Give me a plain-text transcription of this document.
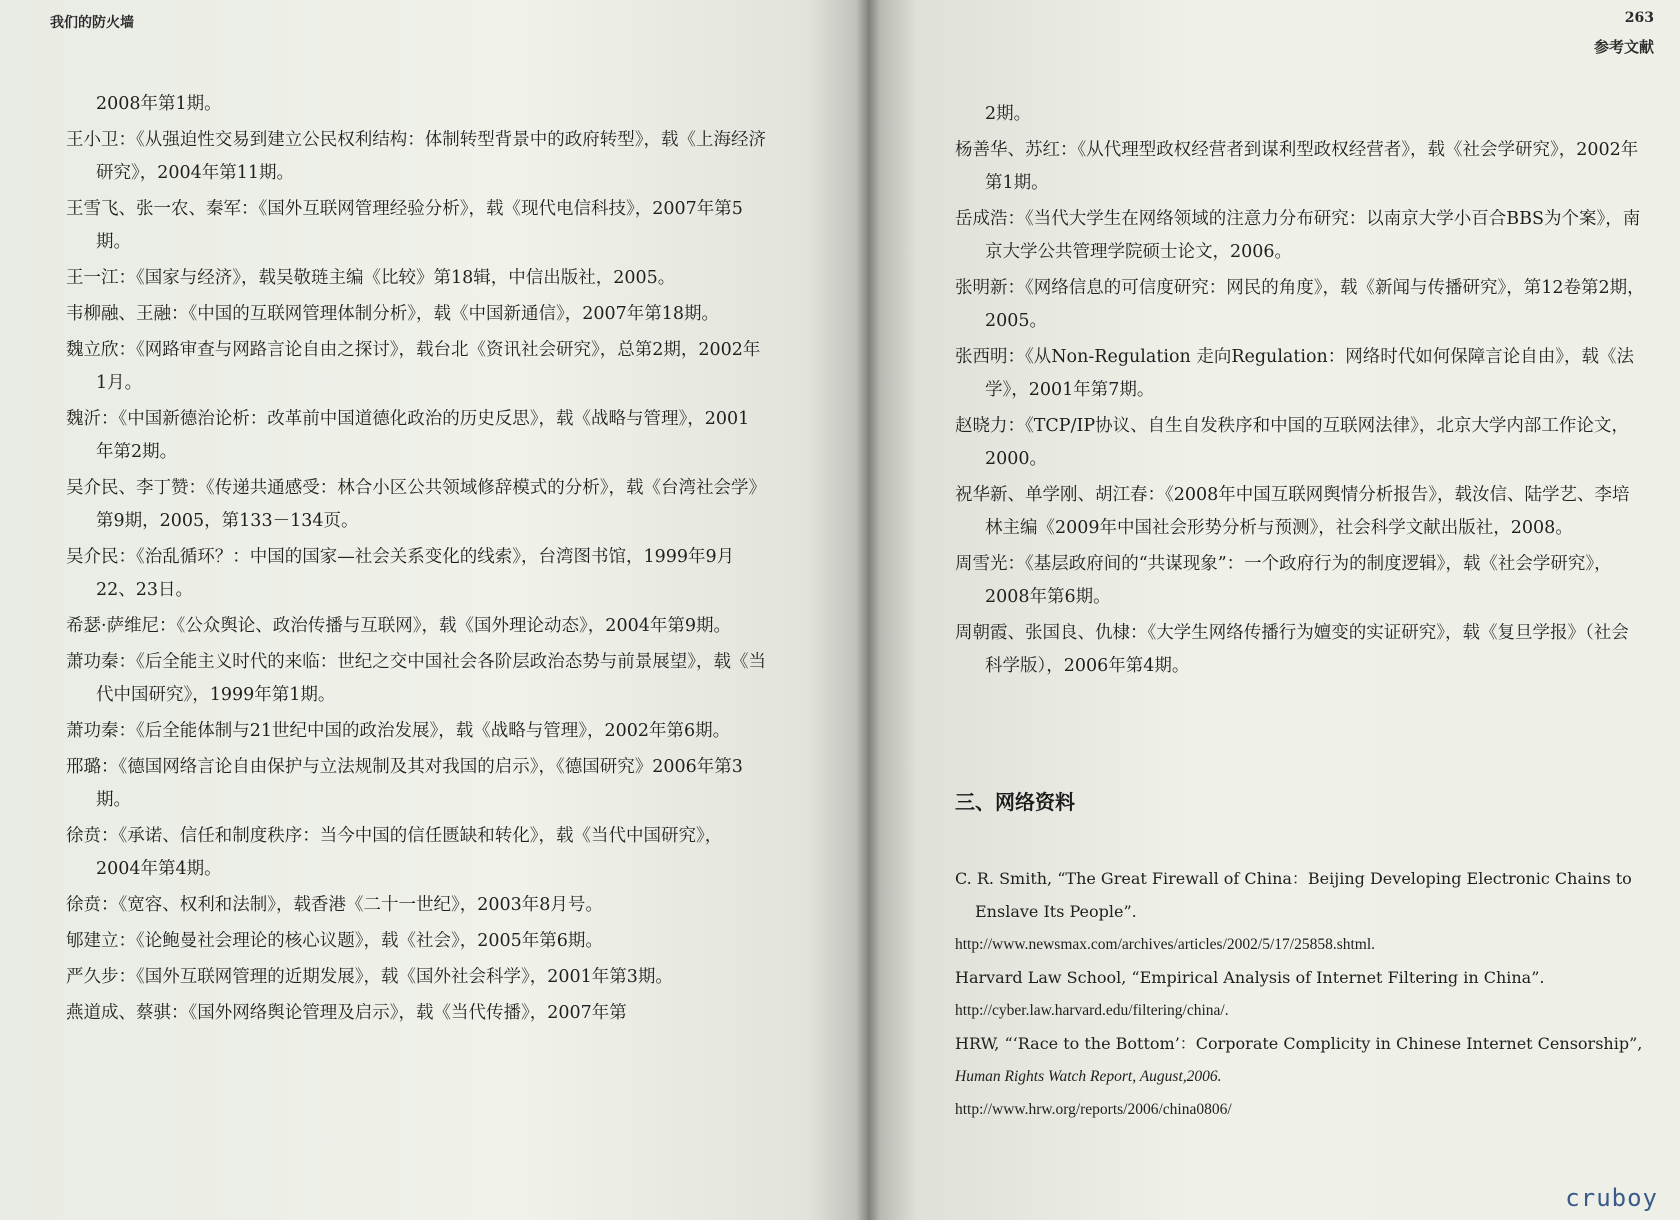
我们的防火墙	263
参考文献
2008年第1期。
王小卫：《从强迫性交易到建立公民权利结构：体制转型背景中的政府转型》，载《上海经济研究》，2004年第11期。
王雪飞、张一农、秦军：《国外互联网管理经验分析》，载《现代电信科技》，2007年第5期。
王一江：《国家与经济》，载吴敬琏主编《比较》第18辑，中信出版社，2005。
韦柳融、王融：《中国的互联网管理体制分析》，载《中国新通信》，2007年第18期。
魏立欣：《网路审查与网路言论自由之探讨》，载台北《资讯社会研究》，总第2期，2002年1月。
魏沂：《中国新德治论析：改革前中国道德化政治的历史反思》，载《战略与管理》，2001年第2期。
吴介民、李丁赞：《传递共通感受：林合小区公共领域修辞模式的分析》，载《台湾社会学》第9期，2005，第133－134页。
吴介民：《治乱循环？：中国的国家—社会关系变化的线索》，台湾图书馆，1999年9月22、23日。
希瑟·萨维尼：《公众舆论、政治传播与互联网》，载《国外理论动态》，2004年第9期。
萧功秦：《后全能主义时代的来临：世纪之交中国社会各阶层政治态势与前景展望》，载《当代中国研究》，1999年第1期。
萧功秦：《后全能体制与21世纪中国的政治发展》，载《战略与管理》，2002年第6期。
邢璐：《德国网络言论自由保护与立法规制及其对我国的启示》，《德国研究》2006年第3期。
徐贲：《承诺、信任和制度秩序：当今中国的信任匮缺和转化》，载《当代中国研究》，2004年第4期。
徐贲：《宽容、权利和法制》，载香港《二十一世纪》，2003年8月号。
郇建立：《论鲍曼社会理论的核心议题》，载《社会》，2005年第6期。
严久步：《国外互联网管理的近期发展》，载《国外社会科学》，2001年第3期。
燕道成、蔡骐：《国外网络舆论管理及启示》，载《当代传播》，2007年第
2期。
杨善华、苏红：《从代理型政权经营者到谋利型政权经营者》，载《社会学研究》，2002年第1期。
岳成浩：《当代大学生在网络领域的注意力分布研究：以南京大学小百合BBS为个案》，南京大学公共管理学院硕士论文，2006。
张明新：《网络信息的可信度研究：网民的角度》，载《新闻与传播研究》，第12卷第2期，2005。
张西明：《从Non-Regulation 走向Regulation：网络时代如何保障言论自由》，载《法学》，2001年第7期。
赵晓力：《TCP/IP协议、自生自发秩序和中国的互联网法律》，北京大学内部工作论文，2000。
祝华新、单学刚、胡江春：《2008年中国互联网舆情分析报告》，载汝信、陆学艺、李培林主编《2009年中国社会形势分析与预测》，社会科学文献出版社，2008。
周雪光：《基层政府间的“共谋现象”：一个政府行为的制度逻辑》，载《社会学研究》，2008年第6期。
周朝霞、张国良、仇棣：《大学生网络传播行为嬗变的实证研究》，载《复旦学报》（社会科学版），2006年第4期。
三、网络资料
C. R. Smith, “The Great Firewall of China：Beijing Developing Electronic Chains to Enslave Its People”.
http://www.newsmax.com/archives/articles/2002/5/17/25858.shtml.
Harvard Law School, “Empirical Analysis of Internet Filtering in China”.
http://cyber.law.harvard.edu/filtering/china/.
HRW, “‘Race to the Bottom’：Corporate Complicity in Chinese Internet Censorship”,
Human Rights Watch Report, August,2006.
http://www.hrw.org/reports/2006/china0806/
cruboy
